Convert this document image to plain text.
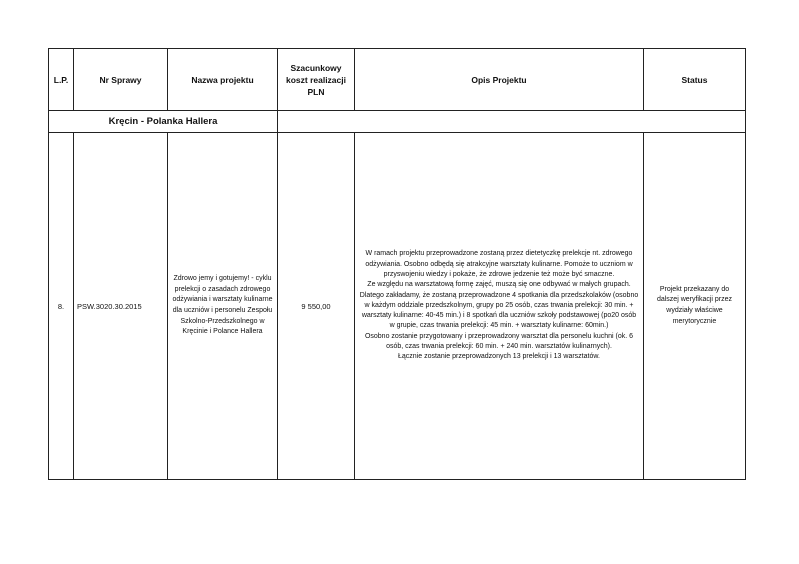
L.P.	Nr Sprawy	Nazwa projektu	Szacunkowy
koszt realizacji
PLN	Opis Projektu	Status
Kręcin - Polanka Hallera					
8.	PSW.3020.30.2015	Zdrowo jemy i gotujemy! - cyklu prelekcji o zasadach zdrowego odżywiania i warsztaty kulinarne dla uczniów i personelu Zespołu Szkolno-Przedszkolnego w Kręcinie i Polance Hallera	9 550,00	W ramach projektu przeprowadzone zostaną przez dietetyczkę prelekcje nt. zdrowego odżywiania. Osobno odbędą się atrakcyjne warsztaty kulinarne. Pomoże to uczniom w przyswojeniu wiedzy i pokaże, że zdrowe jedzenie też może być smaczne.

Ze względu na warsztatową formę zajęć, muszą się one odbywać w małych grupach. Dlatego zakładamy, że zostaną przeprowadzone 4 spotkania dla przedszkolaków (osobno w każdym oddziale przedszkolnym, grupy po 25 osób, czas trwania prelekcji: 30 min. + warsztaty kulinarne: 40-45 min.) i 8 spotkań dla uczniów szkoły podstawowej (po20 osób w grupie, czas trwania prelekcji: 45 min. + warsztaty kulinarne: 60min.)

Osobno zostanie przygotowany i przeprowadzony warsztat dla personelu kuchni (ok. 6 osób, czas trwania prelekcji: 60 min. + 240 min. warsztatów kulinarnych).

Łącznie zostanie przeprowadzonych 13 prelekcji i 13 warsztatów.	Projekt przekazany do dalszej weryfikacji przez wydziały właściwe merytorycznie
